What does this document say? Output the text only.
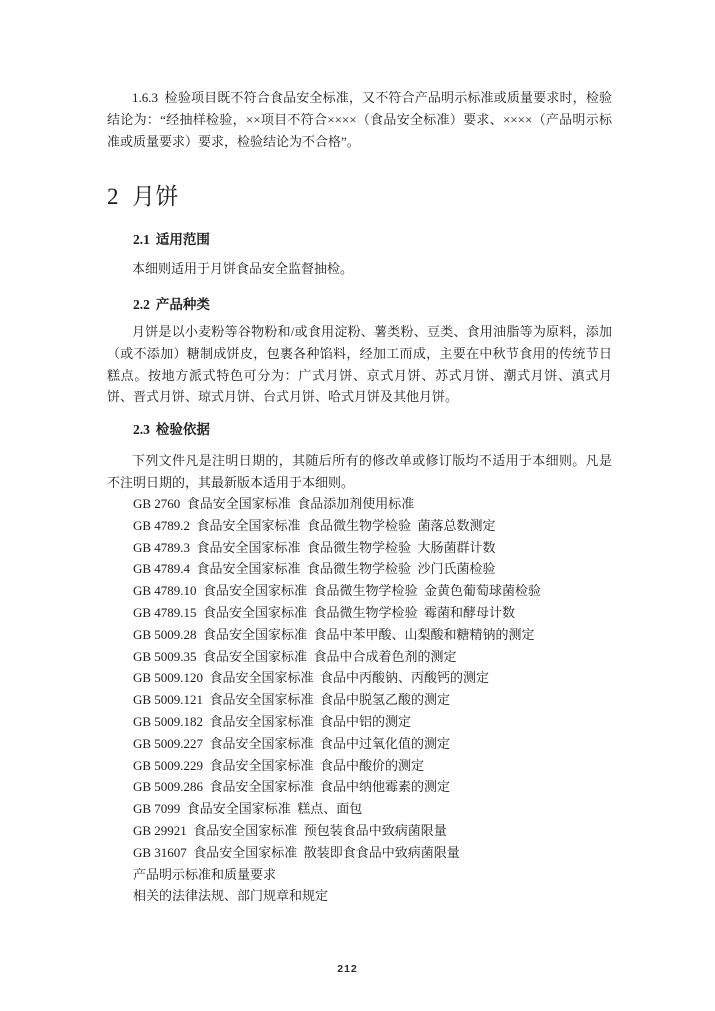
1.6.3 检验项目既不符合食品安全标准，又不符合产品明示标准或质量要求时，检验结论为：“经抽样检验，××项目不符合××××（食品安全标准）要求、××××（产品明示标准或质量要求）要求，检验结论为不合格”。

2 月饼
2.1 适用范围

本细则适用于月饼食品安全监督抽检。

2.2 产品种类

月饼是以小麦粉等谷物粉和/或食用淀粉、薯类粉、豆类、食用油脂等为原料，添加（或不添加）糖制成饼皮，包裹各种馅料，经加工而成，主要在中秋节食用的传统节日糕点。按地方派式特色可分为：广式月饼、京式月饼、苏式月饼、潮式月饼、滇式月饼、晋式月饼、琼式月饼、台式月饼、哈式月饼及其他月饼。

2.3 检验依据

下列文件凡是注明日期的，其随后所有的修改单或修订版均不适用于本细则。凡是不注明日期的，其最新版本适用于本细则。

GB 2760 食品安全国家标准 食品添加剂使用标准
GB 4789.2 食品安全国家标准 食品微生物学检验 菌落总数测定
GB 4789.3 食品安全国家标准 食品微生物学检验 大肠菌群计数
GB 4789.4 食品安全国家标准 食品微生物学检验 沙门氏菌检验
GB 4789.10 食品安全国家标准 食品微生物学检验 金黄色葡萄球菌检验
GB 4789.15 食品安全国家标准 食品微生物学检验 霉菌和酵母计数
GB 5009.28 食品安全国家标准 食品中苯甲酸、山梨酸和糖精钠的测定
GB 5009.35 食品安全国家标准 食品中合成着色剂的测定
GB 5009.120 食品安全国家标准 食品中丙酸钠、丙酸钙的测定
GB 5009.121 食品安全国家标准 食品中脱氢乙酸的测定
GB 5009.182 食品安全国家标准 食品中铝的测定
GB 5009.227 食品安全国家标准 食品中过氧化值的测定
GB 5009.229 食品安全国家标准 食品中酸价的测定
GB 5009.286 食品安全国家标准 食品中纳他霉素的测定
GB 7099 食品安全国家标准 糕点、面包
GB 29921 食品安全国家标准 预包装食品中致病菌限量
GB 31607 食品安全国家标准 散装即食食品中致病菌限量
产品明示标准和质量要求
相关的法律法规、部门规章和规定
212
